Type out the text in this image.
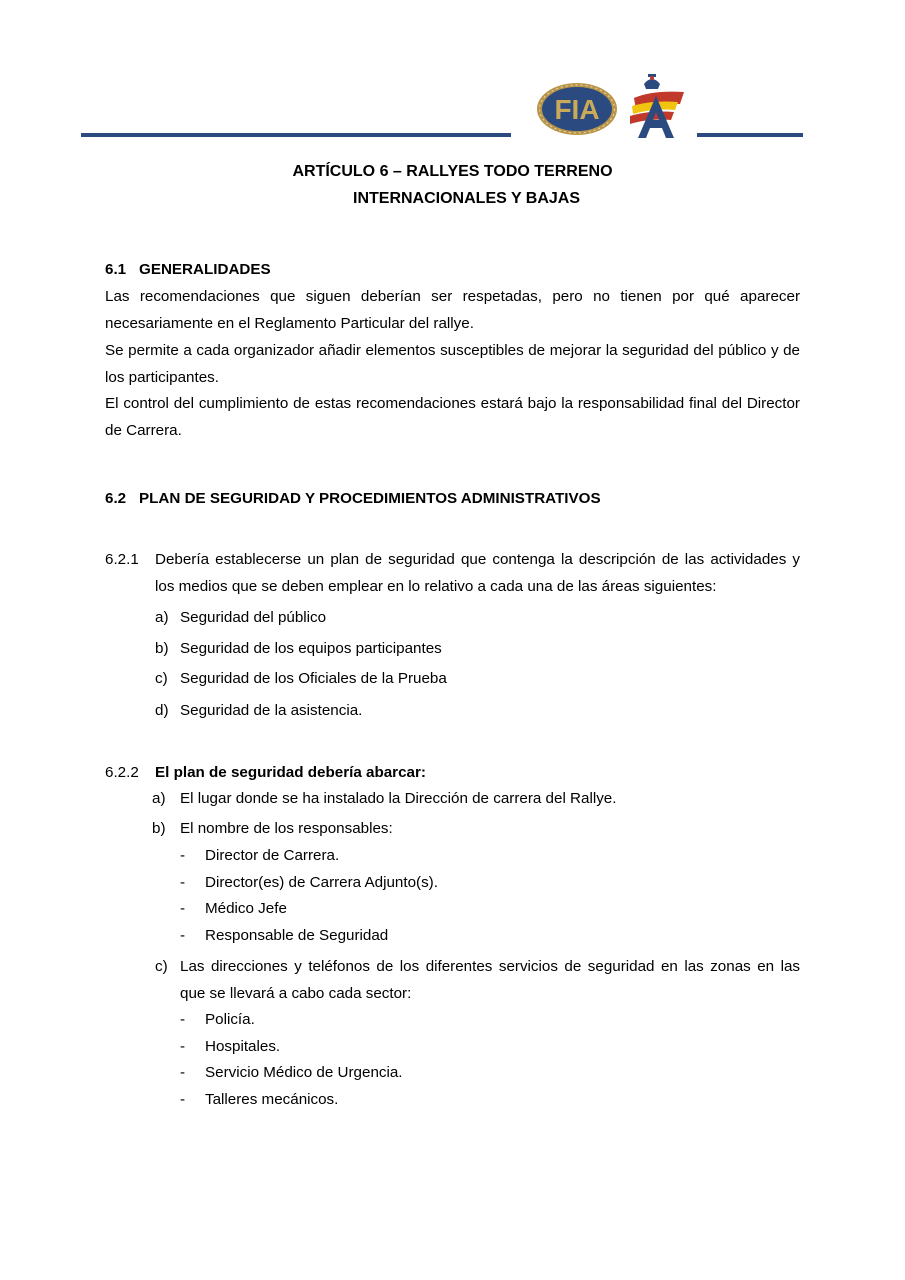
FIA
ARTÍCULO 6 – RALLYES TODO TERRENO
INTERNACIONALES Y BAJAS
6.1 GENERALIDADES
Las recomendaciones que siguen deberían ser respetadas, pero no tienen por qué aparecer necesariamente en el Reglamento Particular del rallye.
Se permite a cada organizador añadir elementos susceptibles de mejorar la seguridad del público y de los participantes.
El control del cumplimiento de estas recomendaciones estará bajo la responsabilidad final del Director de Carrera.
6.2 PLAN DE SEGURIDAD Y PROCEDIMIENTOS ADMINISTRATIVOS
6.2.1 Debería establecerse un plan de seguridad que contenga la descripción de las actividades y
los medios que se deben emplear en lo relativo a cada una de las áreas siguientes:
a) Seguridad del público
b) Seguridad de los equipos participantes
c) Seguridad de los Oficiales de la Prueba
d) Seguridad de la asistencia.
6.2.2 El plan de seguridad debería abarcar:
a) El lugar donde se ha instalado la Dirección de carrera del Rallye.
b) El nombre de los responsables:
- Director de Carrera.
- Director(es) de Carrera Adjunto(s).
- Médico Jefe
- Responsable de Seguridad
c) Las direcciones y teléfonos de los diferentes servicios de seguridad en las zonas en las
que se llevará a cabo cada sector:
- Policía.
- Hospitales.
- Servicio Médico de Urgencia.
- Talleres mecánicos.
